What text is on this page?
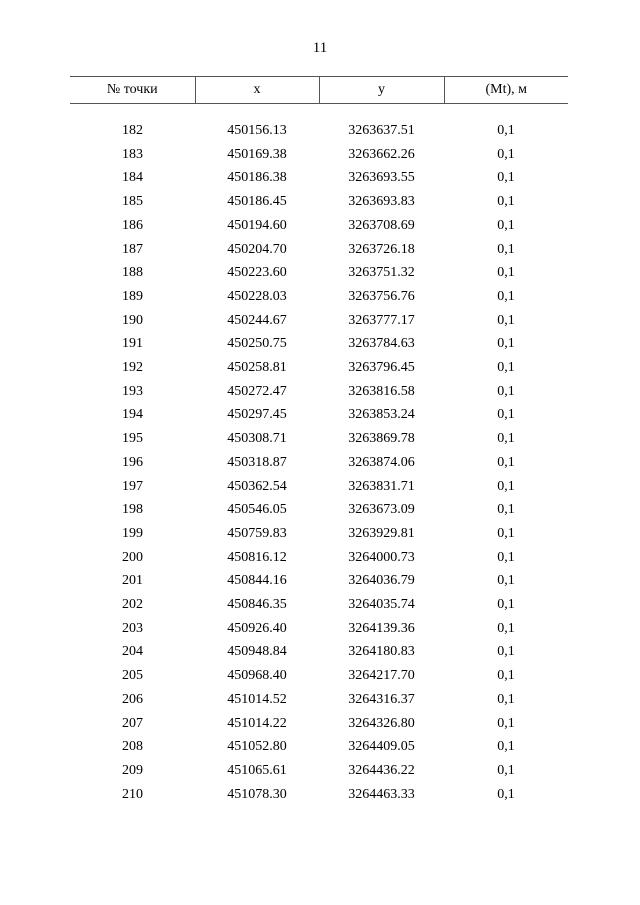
11
№ точки	x	y	(Mt), м

182	450156.13	3263637.51	0,1
183	450169.38	3263662.26	0,1
184	450186.38	3263693.55	0,1
185	450186.45	3263693.83	0,1
186	450194.60	3263708.69	0,1
187	450204.70	3263726.18	0,1
188	450223.60	3263751.32	0,1
189	450228.03	3263756.76	0,1
190	450244.67	3263777.17	0,1
191	450250.75	3263784.63	0,1
192	450258.81	3263796.45	0,1
193	450272.47	3263816.58	0,1
194	450297.45	3263853.24	0,1
195	450308.71	3263869.78	0,1
196	450318.87	3263874.06	0,1
197	450362.54	3263831.71	0,1
198	450546.05	3263673.09	0,1
199	450759.83	3263929.81	0,1
200	450816.12	3264000.73	0,1
201	450844.16	3264036.79	0,1
202	450846.35	3264035.74	0,1
203	450926.40	3264139.36	0,1
204	450948.84	3264180.83	0,1
205	450968.40	3264217.70	0,1
206	451014.52	3264316.37	0,1
207	451014.22	3264326.80	0,1
208	451052.80	3264409.05	0,1
209	451065.61	3264436.22	0,1
210	451078.30	3264463.33	0,1
